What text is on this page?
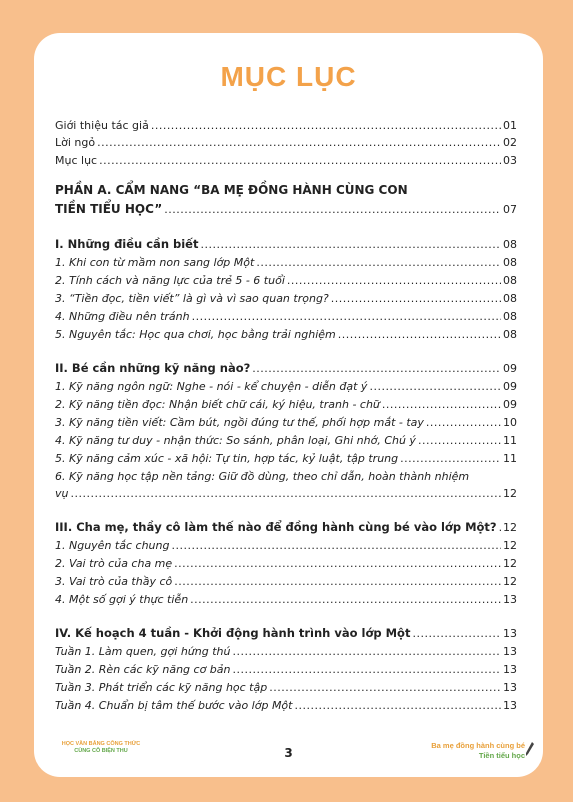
MỤC LỤC
Giới thiệu tác giả .....	01
Lời ngỏ .....	02
Mục lục .....	03
PHẦN A. CẨM NANG “BA MẸ ĐỒNG HÀNH CÙNG CON
TIỀN TIỂU HỌC” .....	07
I. Những điều cần biết .....	08
1. Khi con từ mầm non sang lớp Một .....	08
2. Tính cách và năng lực của trẻ 5 - 6 tuổi .....	08
3. “Tiền đọc, tiền viết” là gì và vì sao quan trọng? .....	08
4. Những điều nên tránh .....	08
5. Nguyên tắc: Học qua chơi, học bằng trải nghiệm .....	08
II. Bé cần những kỹ năng nào? .....	09
1. Kỹ năng ngôn ngữ: Nghe - nói - kể chuyện - diễn đạt ý .....	09
2. Kỹ năng tiền đọc: Nhận biết chữ cái, ký hiệu, tranh - chữ .....	09
3. Kỹ năng tiền viết: Cầm bút, ngồi đúng tư thế, phối hợp mắt - tay .....	10
4. Kỹ năng tư duy - nhận thức: So sánh, phân loại, Ghi nhớ, Chú ý .....	11
5. Kỹ năng cảm xúc - xã hội: Tự tin, hợp tác, kỷ luật, tập trung .....	11
6. Kỹ năng học tập nền tảng: Giữ đồ dùng, theo chỉ dẫn, hoàn thành nhiệm
vụ .....	12
III. Cha mẹ, thầy cô làm thế nào để đồng hành cùng bé vào lớp Một? ..... 12
1. Nguyên tắc chung .....	12
2. Vai trò của cha mẹ .....	12
3. Vai trò của thầy cô .....	12
4. Một số gợi ý thực tiễn .....	13
IV. Kế hoạch 4 tuần - Khởi động hành trình vào lớp Một .....	13
Tuần 1. Làm quen, gợi hứng thú .....	13
Tuần 2. Rèn các kỹ năng cơ bản .....	13
Tuần 3. Phát triển các kỹ năng học tập .....	13
Tuần 4. Chuẩn bị tâm thế bước vào lớp Một .....	13
HỌC VẦN BẰNG CÔNG THỨC
CÙNG CÔ BIỆN THU	3
Ba mẹ đồng hành cùng bé
Tiền tiểu học
